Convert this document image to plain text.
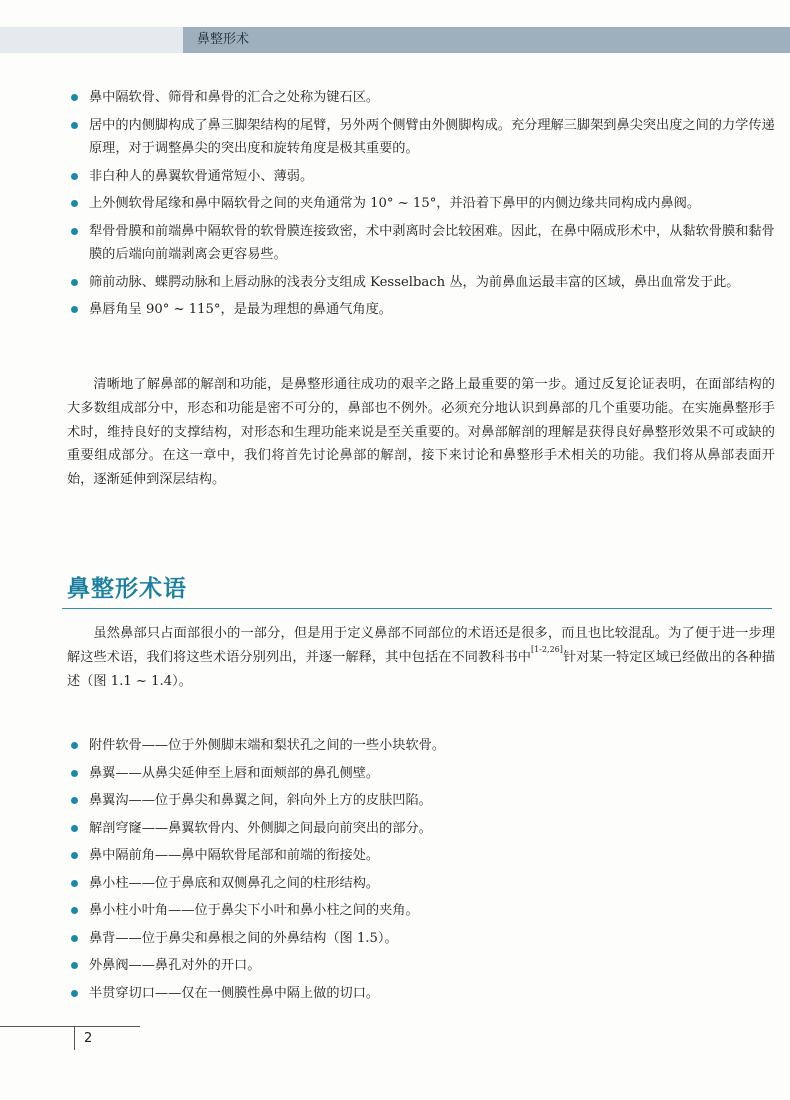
鼻整形术
鼻中隔软骨、筛骨和鼻骨的汇合之处称为键石区。
居中的内侧脚构成了鼻三脚架结构的尾臂，另外两个侧臂由外侧脚构成。充分理解三脚架到鼻尖突出度之间的力学传递原理，对于调整鼻尖的突出度和旋转角度是极其重要的。
非白种人的鼻翼软骨通常短小、薄弱。
上外侧软骨尾缘和鼻中隔软骨之间的夹角通常为 10° ~ 15°，并沿着下鼻甲的内侧边缘共同构成内鼻阀。
犁骨骨膜和前端鼻中隔软骨的软骨膜连接致密，术中剥离时会比较困难。因此，在鼻中隔成形术中，从黏软骨膜和黏骨膜的后端向前端剥离会更容易些。
筛前动脉、蝶腭动脉和上唇动脉的浅表分支组成 Kesselbach 丛，为前鼻血运最丰富的区域，鼻出血常发于此。
鼻唇角呈 90° ~ 115°，是最为理想的鼻通气角度。

清晰地了解鼻部的解剖和功能，是鼻整形通往成功的艰辛之路上最重要的第一步。通过反复论证表明，在面部结构的大多数组成部分中，形态和功能是密不可分的，鼻部也不例外。必须充分地认识到鼻部的几个重要功能。在实施鼻整形手术时，维持良好的支撑结构，对形态和生理功能来说是至关重要的。对鼻部解剖的理解是获得良好鼻整形效果不可或缺的重要组成部分。在这一章中，我们将首先讨论鼻部的解剖，接下来讨论和鼻整形手术相关的功能。我们将从鼻部表面开始，逐渐延伸到深层结构。

鼻整形术语

虽然鼻部只占面部很小的一部分，但是用于定义鼻部不同部位的术语还是很多，而且也比较混乱。为了便于进一步理解这些术语，我们将这些术语分别列出，并逐一解释，其中包括在不同教科书中[1-2,26]针对某一特定区域已经做出的各种描述（图 1.1 ~ 1.4）。

附件软骨——位于外侧脚末端和梨状孔之间的一些小块软骨。
鼻翼——从鼻尖延伸至上唇和面颊部的鼻孔侧壁。
鼻翼沟——位于鼻尖和鼻翼之间，斜向外上方的皮肤凹陷。
解剖穹窿——鼻翼软骨内、外侧脚之间最向前突出的部分。
鼻中隔前角——鼻中隔软骨尾部和前端的衔接处。
鼻小柱——位于鼻底和双侧鼻孔之间的柱形结构。
鼻小柱小叶角——位于鼻尖下小叶和鼻小柱之间的夹角。
鼻背——位于鼻尖和鼻根之间的外鼻结构（图 1.5）。
外鼻阀——鼻孔对外的开口。
半贯穿切口——仅在一侧膜性鼻中隔上做的切口。
2
